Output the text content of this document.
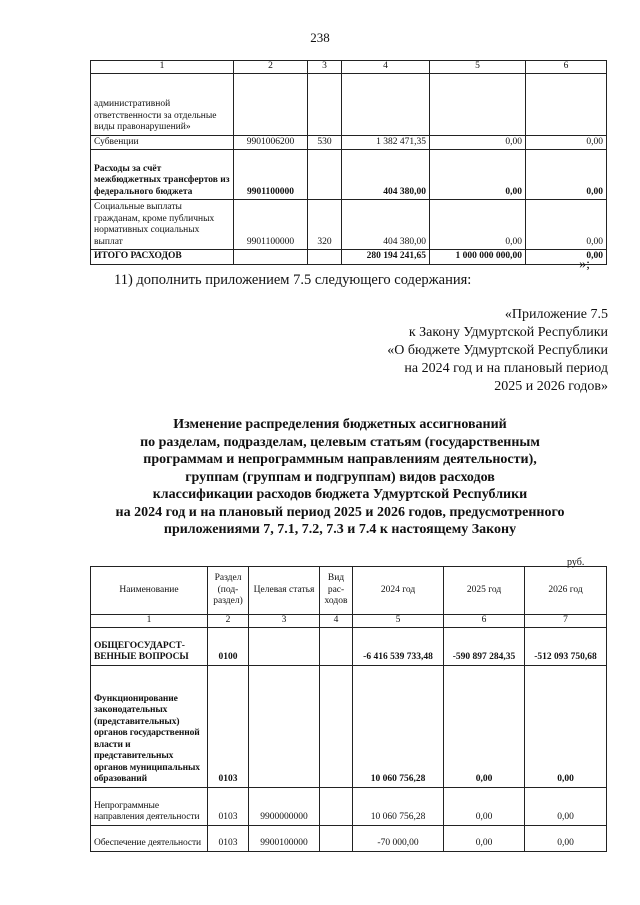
238
1	2	3	4	5	6
административной ответственности за отдельные виды правонарушений»					
Субвенции	9901006200	530	1 382 471,35	0,00	0,00
Расходы за счёт межбюджетных трансфертов из федерального бюджета	9901100000		404 380,00	0,00	0,00
Социальные выплаты гражданам, кроме публичных нормативных социальных выплат	9901100000	320	404 380,00	0,00	0,00
ИТОГО РАСХОДОВ			280 194 241,65	1 000 000 000,00	0,00
»;
11) дополнить приложением 7.5 следующего содержания:
«Приложение 7.5
к Закону Удмуртской Республики
«О бюджете Удмуртской Республики
на 2024 год и на плановый период
2025 и 2026 годов»
Изменение распределения бюджетных ассигнований
по разделам, подразделам, целевым статьям (государственным
программам и непрограммным направлениям деятельности),
группам (группам и подгруппам) видов расходов
классификации расходов бюджета Удмуртской Республики
на 2024 год и на плановый период 2025 и 2026 годов, предусмотренного
приложениями 7, 7.1, 7.2, 7.3 и 7.4 к настоящему Закону
руб.
Наименование	Раздел (под-раздел)	Целевая статья	Вид рас-ходов	2024 год	2025 год	2026 год
1	2	3	4	5	6	7
ОБЩЕГОСУДАРСТ-ВЕННЫЕ ВОПРОСЫ	0100			-6 416 539 733,48	-590 897 284,35	-512 093 750,68
Функционирование законодательных (представительных) органов государственной власти и представительных органов муниципальных образований	0103			10 060 756,28	0,00	0,00
Непрограммные направления деятельности	0103	9900000000		10 060 756,28	0,00	0,00
Обеспечение деятельности	0103	9900100000		-70 000,00	0,00	0,00
